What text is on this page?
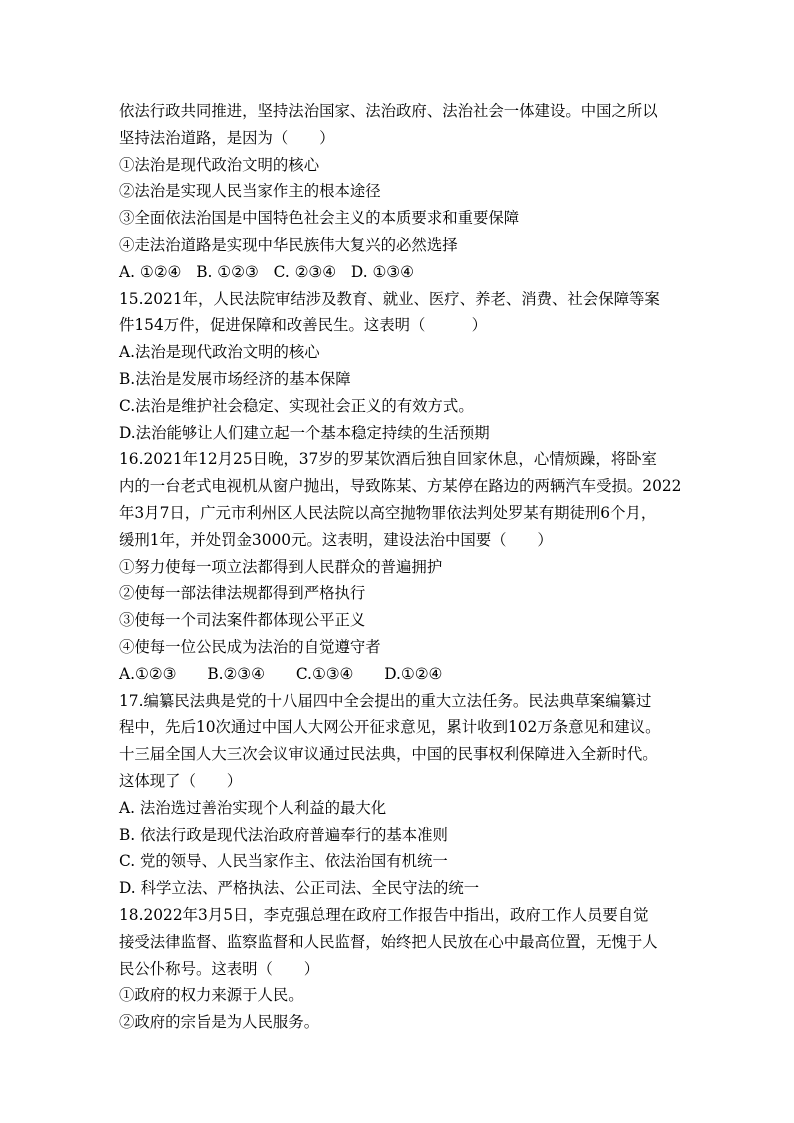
依法行政共同推进，坚持法治国家、法治政府、法治社会一体建设。中国之所以
坚持法治道路，是因为（　　）
①法治是现代政治文明的核心
②法治是实现人民当家作主的根本途径
③全面依法治国是中国特色社会主义的本质要求和重要保障
④走法治道路是实现中华民族伟大复兴的必然选择
A. ①②④ B. ①②③ C. ②③④ D. ①③④
15.2021年，人民法院审结涉及教育、就业、医疗、养老、消费、社会保障等案
件154万件，促进保障和改善民生。这表明（　　　）
A.法治是现代政治文明的核心
B.法治是发展市场经济的基本保障
C.法治是维护社会稳定、实现社会正义的有效方式。
D.法治能够让人们建立起一个基本稳定持续的生活预期
16.2021年12月25日晚，37岁的罗某饮酒后独自回家休息，心情烦躁，将卧室
内的一台老式电视机从窗户抛出，导致陈某、方某停在路边的两辆汽车受损。2022
年3月7日，广元市利州区人民法院以高空抛物罪依法判处罗某有期徒刑6个月，
缓刑1年，并处罚金3000元。这表明，建设法治中国要（　　）
①努力使每一项立法都得到人民群众的普遍拥护
②使每一部法律法规都得到严格执行
③使每一个司法案件都体现公平正义
④使每一位公民成为法治的自觉遵守者
A.①②③ B.②③④ C.①③④ D.①②④
17.编纂民法典是党的十八届四中全会提出的重大立法任务。民法典草案编纂过
程中，先后10次通过中国人大网公开征求意见，累计收到102万条意见和建议。
十三届全国人大三次会议审议通过民法典，中国的民事权利保障进入全新时代。
这体现了（　　）
A. 法治选过善治实现个人利益的最大化
B. 依法行政是现代法治政府普遍奉行的基本准则
C. 党的领导、人民当家作主、依法治国有机统一
D. 科学立法、严格执法、公正司法、全民守法的统一
18.2022年3月5日，李克强总理在政府工作报告中指出，政府工作人员要自觉
接受法律监督、监察监督和人民监督，始终把人民放在心中最高位置，无愧于人
民公仆称号。这表明（　　）
①政府的权力来源于人民。
②政府的宗旨是为人民服务。
